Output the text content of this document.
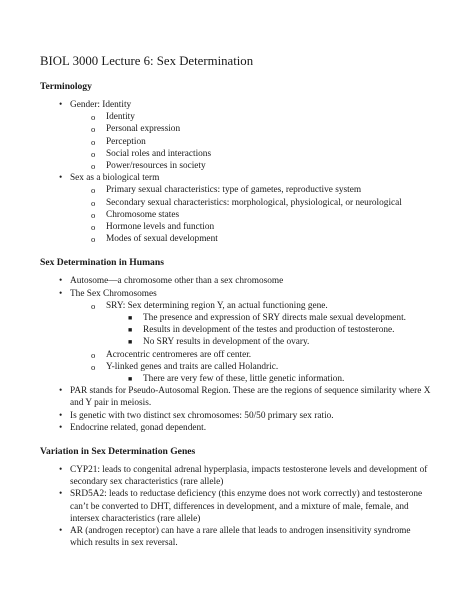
BIOL 3000 Lecture 6: Sex Determination
Terminology
• Gender: Identity
o Identity
o Personal expression
o Perception
o Social roles and interactions
o Power/resources in society
• Sex as a biological term
o Primary sexual characteristics: type of gametes, reproductive system
o Secondary sexual characteristics: morphological, physiological, or neurological
o Chromosome states
o Hormone levels and function
o Modes of sexual development
Sex Determination in Humans
• Autosome—a chromosome other than a sex chromosome
• The Sex Chromosomes
o SRY: Sex determining region Y, an actual functioning gene.
■ The presence and expression of SRY directs male sexual development.
■ Results in development of the testes and production of testosterone.
■ No SRY results in development of the ovary.
o Acrocentric centromeres are off center.
o Y-linked genes and traits are called Holandric.
■ There are very few of these, little genetic information.
• PAR stands for Pseudo-Autosomal Region. These are the regions of sequence similarity where X and Y pair in meiosis.
• Is genetic with two distinct sex chromosomes: 50/50 primary sex ratio.
• Endocrine related, gonad dependent.
Variation in Sex Determination Genes
• CYP21: leads to congenital adrenal hyperplasia, impacts testosterone levels and development of secondary sex characteristics (rare allele)
• SRD5A2: leads to reductase deficiency (this enzyme does not work correctly) and testosterone can’t be converted to DHT, differences in development, and a mixture of male, female, and intersex characteristics (rare allele)
• AR (androgen receptor) can have a rare allele that leads to androgen insensitivity syndrome which results in sex reversal.
